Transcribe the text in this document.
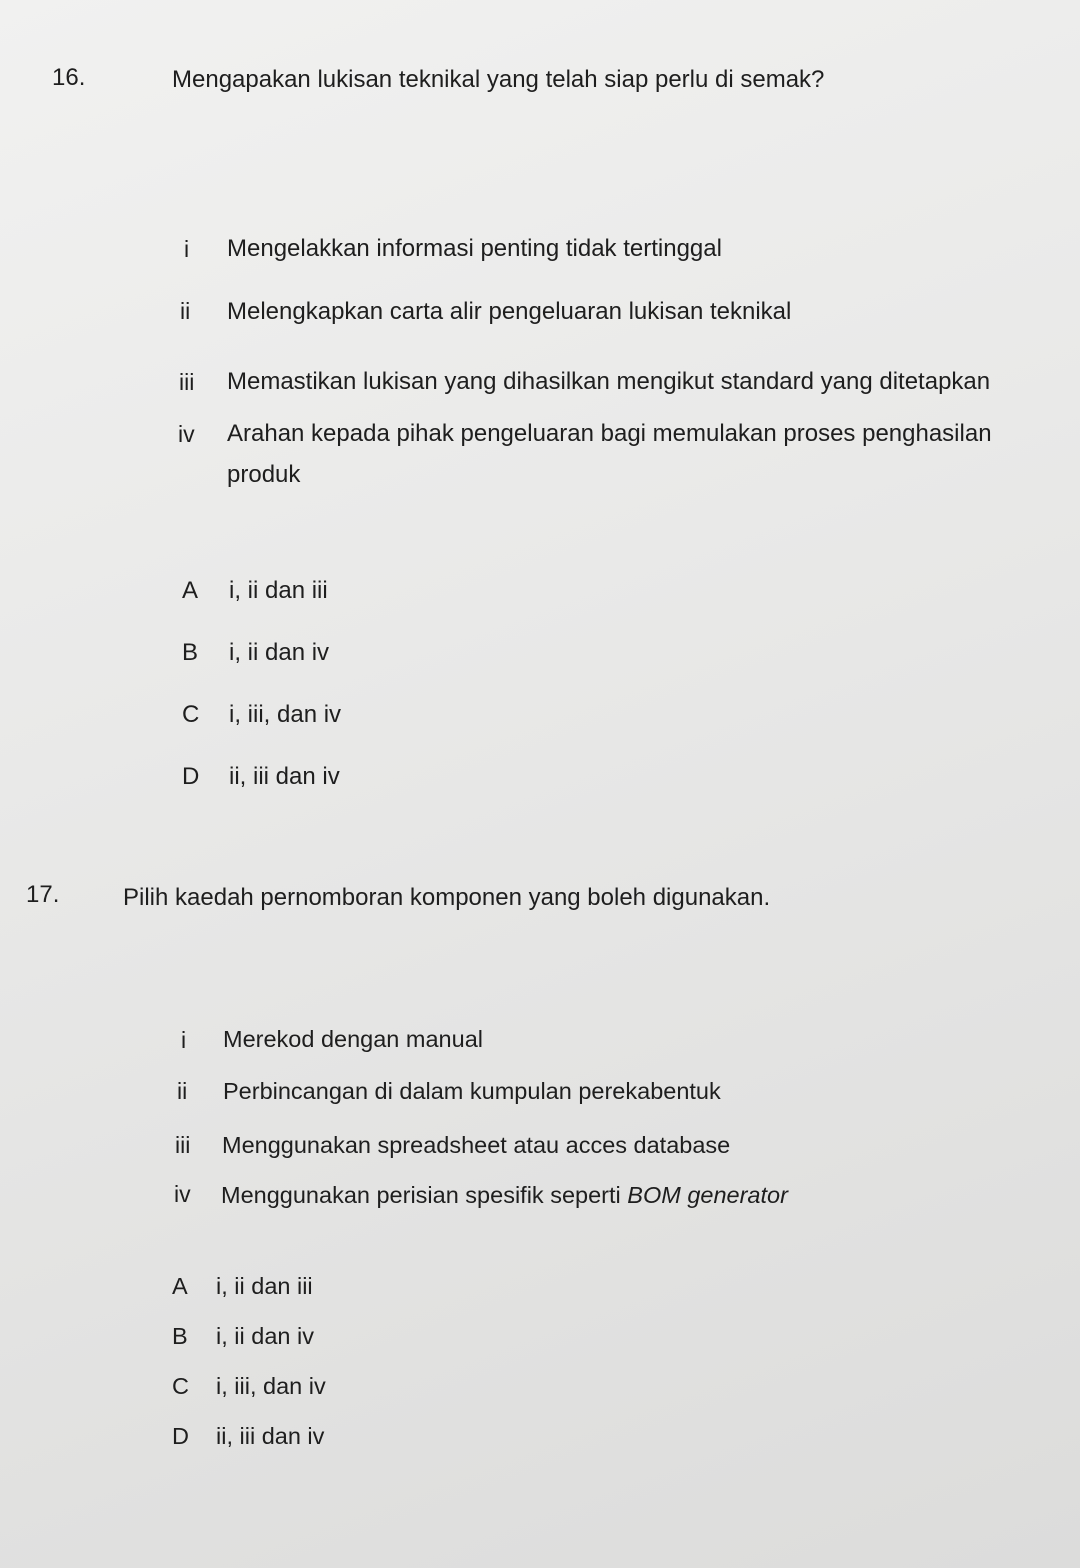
16.	Mengapakan lukisan teknikal yang telah siap perlu di semak?
i Mengelakkan informasi penting tidak tertinggal
ii Melengkapkan carta alir pengeluaran lukisan teknikal
iii Memastikan lukisan yang dihasilkan mengikut standard yang ditetapkan
iv Arahan kepada pihak pengeluaran bagi memulakan proses penghasilan
produk
A i, ii dan iii
B i, ii dan iv
C i, iii, dan iv
D ii, iii dan iv
17.	Pilih kaedah pernomboran komponen yang boleh digunakan.
i Merekod dengan manual
ii Perbincangan di dalam kumpulan perekabentuk
iii Menggunakan spreadsheet atau acces database
iv Menggunakan perisian spesifik seperti BOM generator
A i, ii dan iii
B i, ii dan iv
C i, iii, dan iv
D ii, iii dan iv
